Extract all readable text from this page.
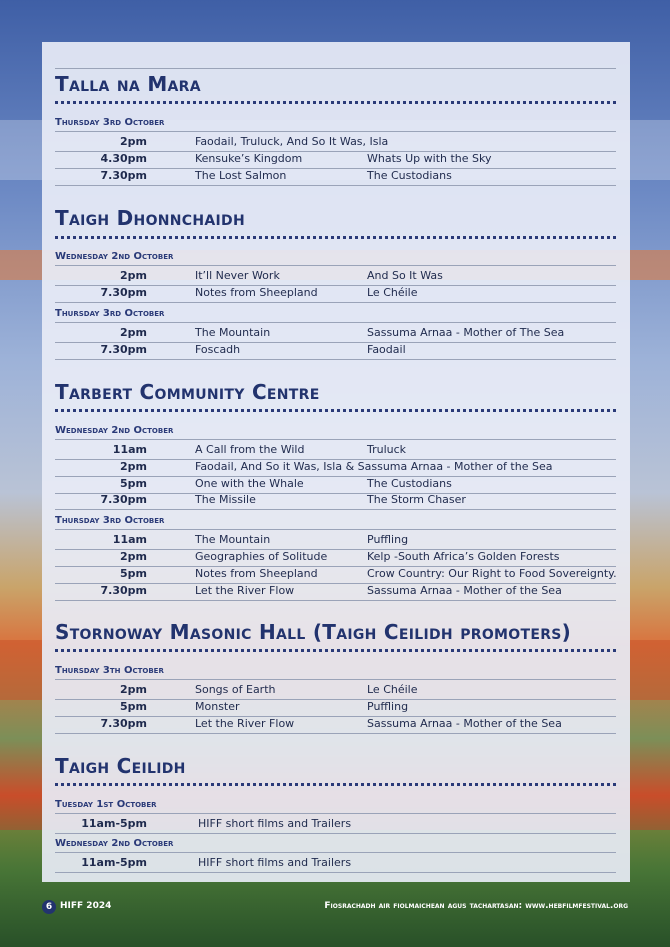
Talla na Mara
Thursday 3rd October
2pm	Faodail, Truluck, And So It Was, Isla
4.30pm	Kensuke’s Kingdom	Whats Up with the Sky
7.30pm	The Lost Salmon	The Custodians
Taigh Dhonnchaidh
Wednesday 2nd October
2pm	It’ll Never Work	And So It Was
7.30pm	Notes from Sheepland	Le Chéile
Thursday 3rd October
2pm	The Mountain	Sassuma Arnaa - Mother of The Sea
7.30pm	Foscadh	Faodail
Tarbert Community Centre
Wednesday 2nd October
11am	A Call from the Wild	Truluck
2pm	Faodail, And So it Was, Isla & Sassuma Arnaa - Mother of the Sea
5pm	One with the Whale	The Custodians
7.30pm	The Missile	The Storm Chaser
Thursday 3rd October
11am	The Mountain	Puffling
2pm	Geographies of Solitude	Kelp -South Africa’s Golden Forests
5pm	Notes from Sheepland	Crow Country: Our Right to Food Sovereignty.
7.30pm	Let the River Flow	Sassuma Arnaa - Mother of the Sea
Stornoway Masonic Hall (Taigh Ceilidh promoters)
Thursday 3th October
2pm	Songs of Earth	Le Chéile
5pm	Monster	Puffling
7.30pm	Let the River Flow	Sassuma Arnaa - Mother of the Sea
Taigh Ceilidh
Tuesday 1st October
11am-5pm	HIFF short films and Trailers
Wednesday 2nd October
11am-5pm	HIFF short films and Trailers
6 HIFF 2024	Fiosrachadh air fiolmaichean agus tachartasan: www.hebfilmfestival.org
